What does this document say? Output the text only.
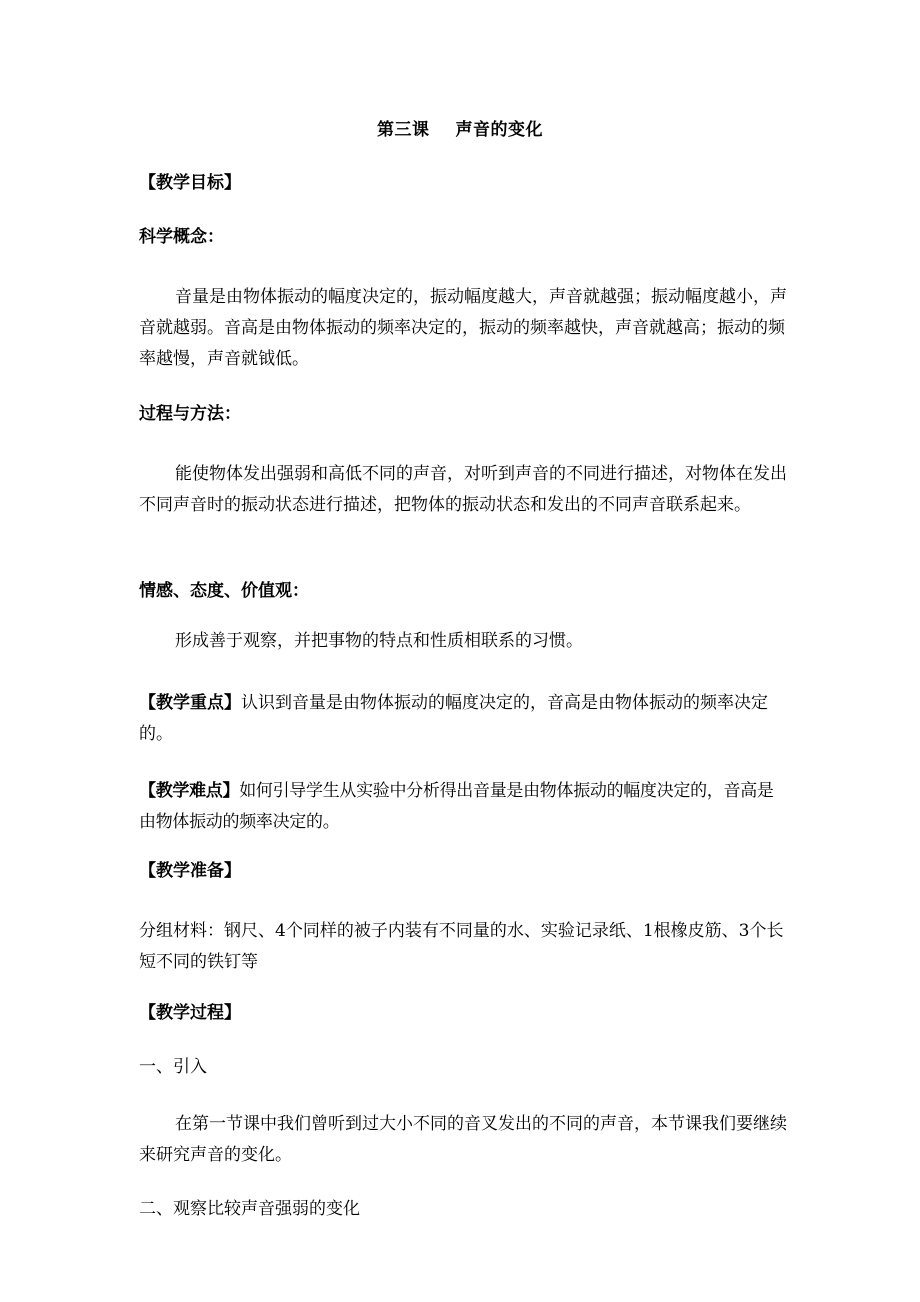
第三课 声音的变化

【教学目标】

科学概念：

音量是由物体振动的幅度决定的，振动幅度越大，声音就越强；振动幅度越小，声音就越弱。音高是由物体振动的频率决定的，振动的频率越快，声音就越高；振动的频率越慢，声音就钺低。

过程与方法：

能使物体发出强弱和高低不同的声音，对听到声音的不同进行描述，对物体在发出不同声音时的振动状态进行描述，把物体的振动状态和发出的不同声音联系起来。

情感、态度、价值观：

形成善于观察，并把事物的特点和性质相联系的习惯。

【教学重点】认识到音量是由物体振动的幅度决定的，音高是由物体振动的频率决定的。

【教学难点】如何引导学生从实验中分析得出音量是由物体振动的幅度决定的，音高是由物体振动的频率决定的。

【教学准备】

分组材料：钢尺、4个同样的被子内装有不同量的水、实验记录纸、1根橡皮筋、3个长短不同的铁钉等

【教学过程】

一、引入

在第一节课中我们曾听到过大小不同的音叉发出的不同的声音，本节课我们要继续来研究声音的变化。

二、观察比较声音强弱的变化
